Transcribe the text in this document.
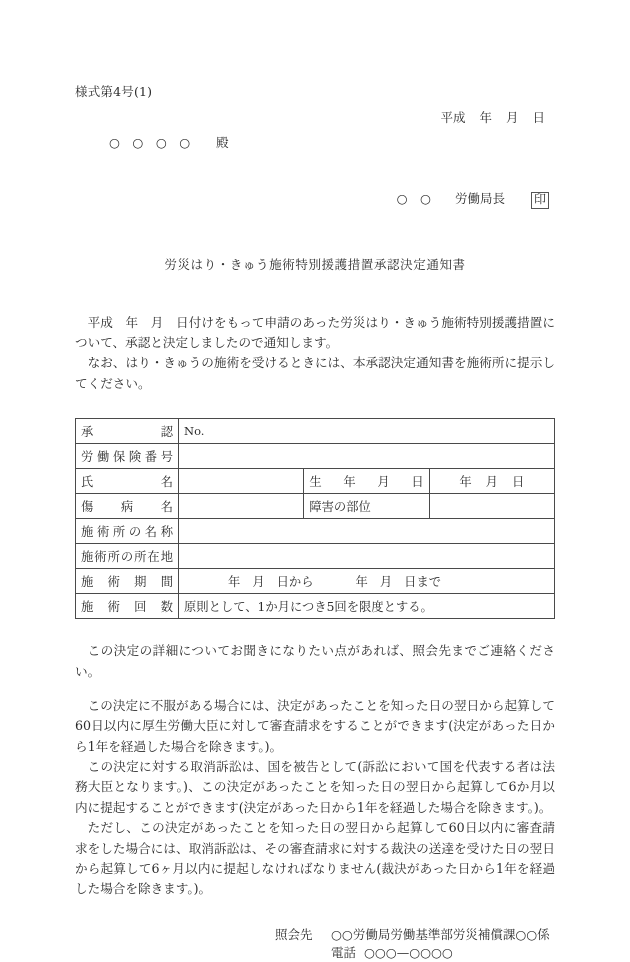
様式第4号(1)
平成 年 月 日
○　○　○　○ 殿
○　○ 労働局長 印
労災はり・きゅう施術特別援護措置承認決定通知書

平成　年　月　日付けをもって申請のあった労災はり・きゅう施術特別援護措置について、承認と決定しましたので通知します。

なお、はり・きゅうの施術を受けるときには、本承認決定通知書を施術所に提示してください。

承認	No.		
労働保険番号			
氏名		生年月日	年 月 日
傷病名		障害の部位	
施術所の名称			
施術所の所在地			
施術期間	年 月 日から 年 月 日まで		
施術回数	原則として、1か月につき5回を限度とする。		

この決定の詳細についてお聞きになりたい点があれば、照会先までご連絡ください。

この決定に不服がある場合には、決定があったことを知った日の翌日から起算して60日以内に厚生労働大臣に対して審査請求をすることができます(決定があった日から1年を経過した場合を除きます。)。

この決定に対する取消訴訟は、国を被告として(訴訟において国を代表する者は法務大臣となります。)、この決定があったことを知った日の翌日から起算して6か月以内に提起することができます(決定があった日から1年を経過した場合を除きます。)。

ただし、この決定があったことを知った日の翌日から起算して60日以内に審査請求をした場合には、取消訴訟は、その審査請求に対する裁決の送達を受けた日の翌日から起算して6ヶ月以内に提起しなければなりません(裁決があった日から1年を経過した場合を除きます。)。

照会先 ○○労働局労働基準部労災補償課○○係
電話 ○○○—○○○○
